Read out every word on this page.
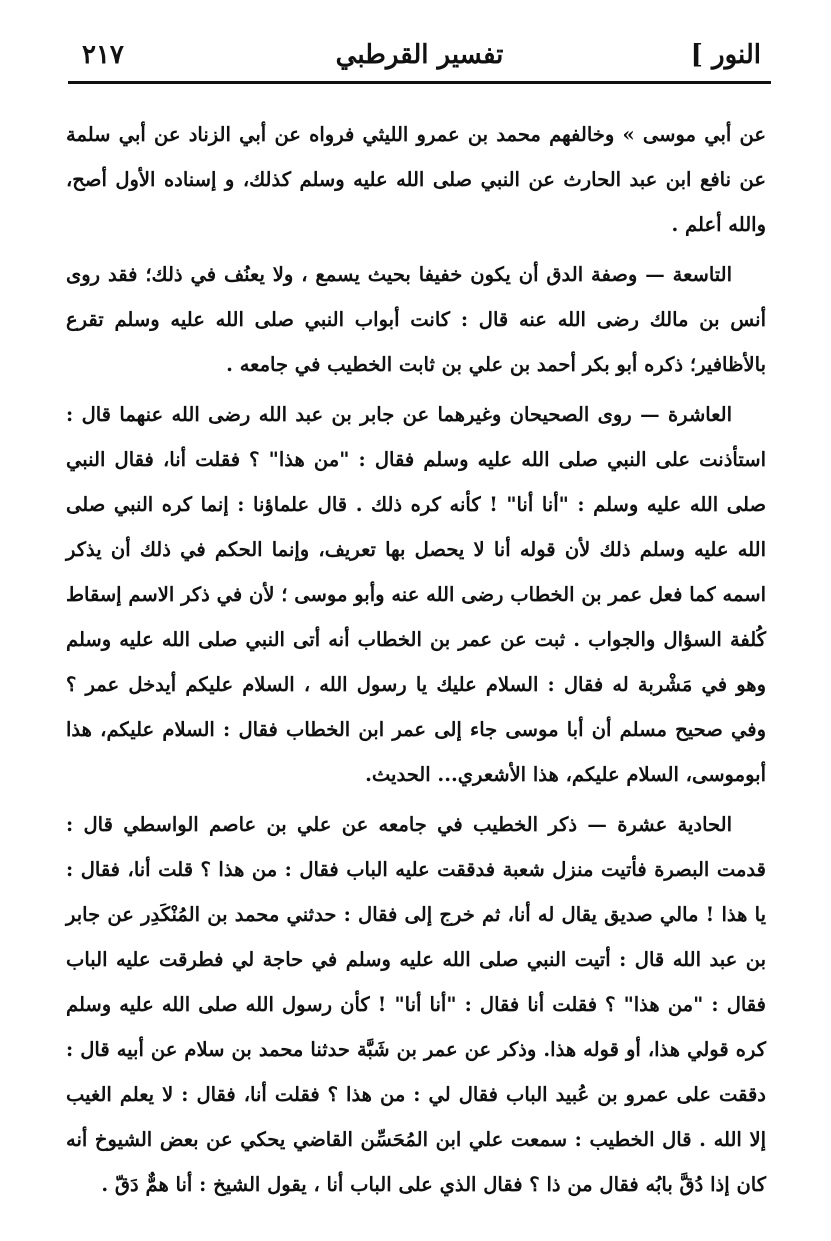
٢١٧	تفسير القرطبي	النور ]

عن أبي موسى » وخالفهم محمد بن عمرو الليثي فرواه عن أبي الزناد عن أبي سلمة عن نافع ابن عبد الحارث عن النبي صلى الله عليه وسلم كذلك، و إسناده الأول أصح، والله أعلم .

التاسعة — وصفة الدق أن يكون خفيفا بحيث يسمع ، ولا يعنُف في ذلك؛ فقد روى أنس بن مالك رضى الله عنه قال : كانت أبواب النبي صلى الله عليه وسلم تقرع بالأظافير؛ ذكره أبو بكر أحمد بن علي بن ثابت الخطيب في جامعه .

العاشرة — روى الصحيحان وغيرهما عن جابر بن عبد الله رضى الله عنهما قال : استأذنت على النبي صلى الله عليه وسلم فقال : "من هذا" ؟ فقلت أنا، فقال النبي صلى الله عليه وسلم : "أنا أنا" ! كأنه كره ذلك . قال علماؤنا : إنما كره النبي صلى الله عليه وسلم ذلك لأن قوله أنا لا يحصل بها تعريف، وإنما الحكم في ذلك أن يذكر اسمه كما فعل عمر بن الخطاب رضى الله عنه وأبو موسى ؛ لأن في ذكر الاسم إسقاط كُلفة السؤال والجواب . ثبت عن عمر بن الخطاب أنه أتى النبي صلى الله عليه وسلم وهو في مَشْربة له فقال : السلام عليك يا رسول الله ، السلام عليكم أيدخل عمر ؟ وفي صحيح مسلم أن أبا موسى جاء إلى عمر ابن الخطاب فقال : السلام عليكم، هذا أبوموسى، السلام عليكم، هذا الأشعري... الحديث.

الحادية عشرة — ذكر الخطيب في جامعه عن علي بن عاصم الواسطي قال : قدمت البصرة فأتيت منزل شعبة فدققت عليه الباب فقال : من هذا ؟ قلت أنا، فقال : يا هذا ! مالي صديق يقال له أنا، ثم خرج إلى فقال : حدثني محمد بن المُنْكَدِر عن جابر بن عبد الله قال : أتيت النبي صلى الله عليه وسلم في حاجة لي فطرقت عليه الباب فقال : "من هذا" ؟ فقلت أنا فقال : "أنا أنا" ! كأن رسول الله صلى الله عليه وسلم كره قولي هذا، أو قوله هذا. وذكر عن عمر بن شَبَّة حدثنا محمد بن سلام عن أبيه قال : دققت على عمرو بن عُبيد الباب فقال لي : من هذا ؟ فقلت أنا، فقال : لا يعلم الغيب إلا الله . قال الخطيب : سمعت علي ابن المُحَسِّن القاضي يحكي عن بعض الشيوخ أنه كان إذا دُقَّ بابُه فقال من ذا ؟ فقال الذي على الباب أنا ، يقول الشيخ : أنا همٌّ دَقّ .
